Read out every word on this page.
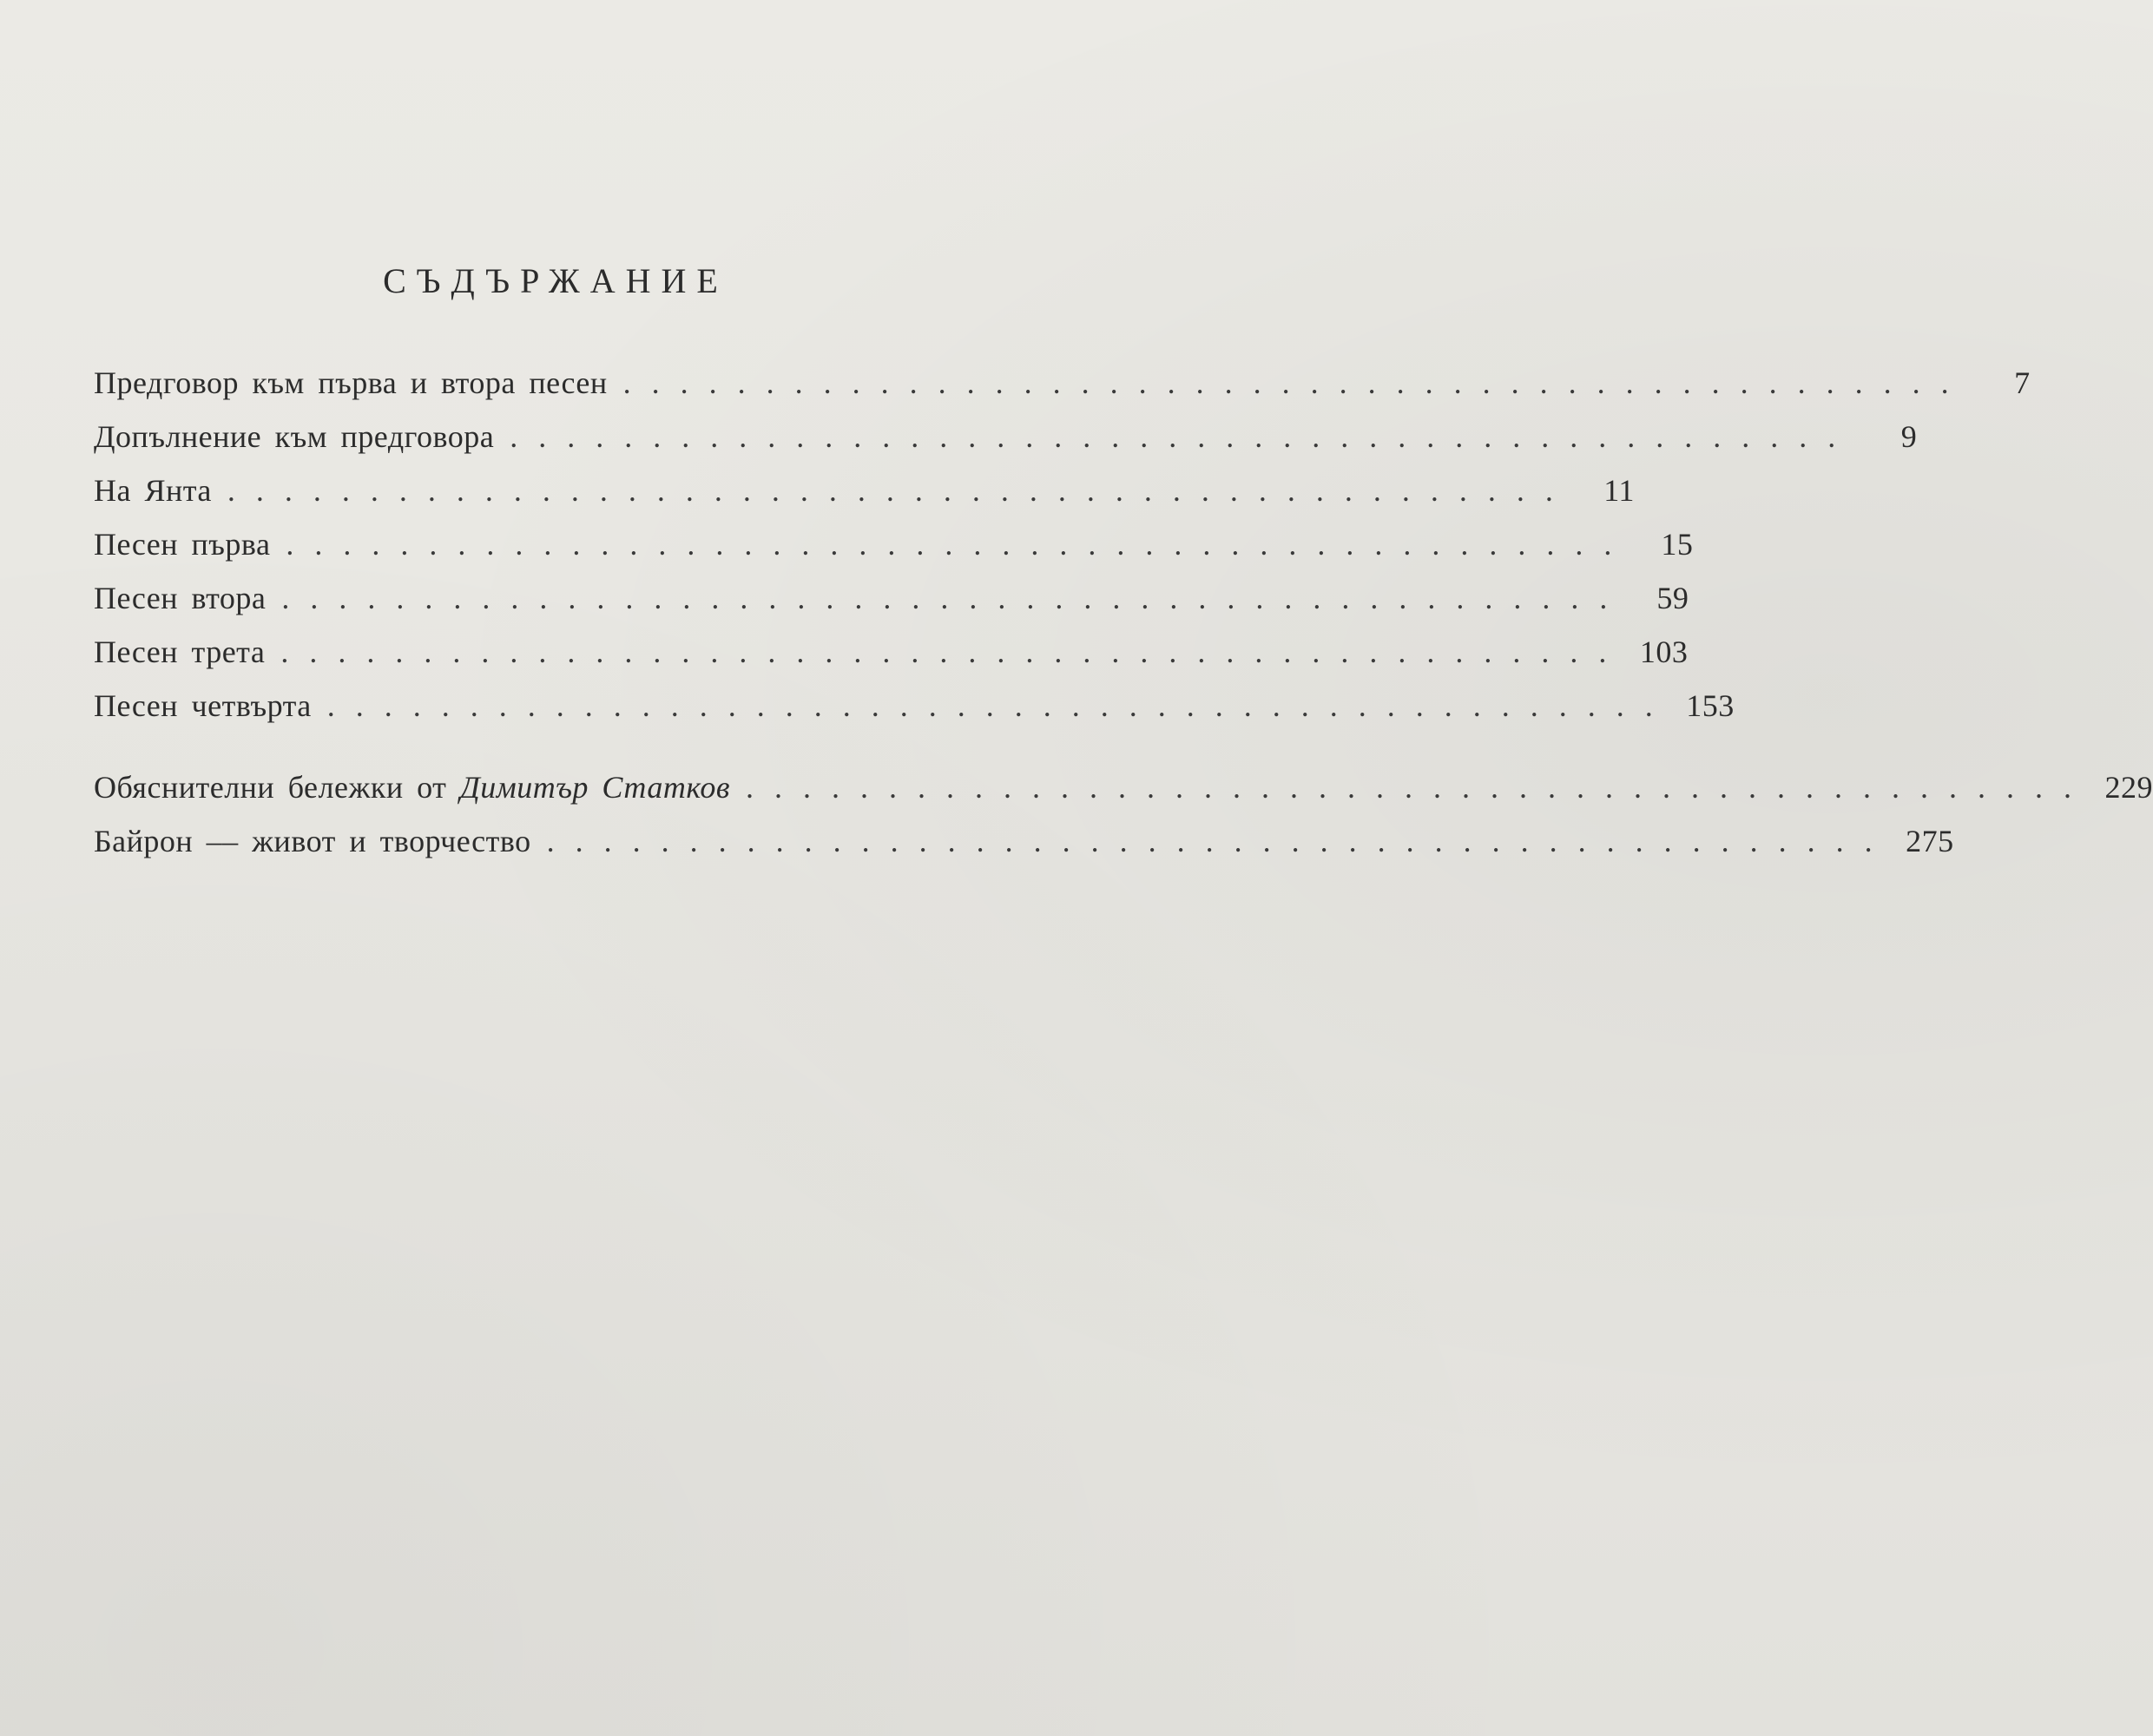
СЪДЪРЖАНИЕ
Предговор към първа и втора песен ...............................................	7
Допълнение към предговора ...............................................	9
На Янта ............................................... 11
Песен първа ............................................... 15
Песен втора ............................................... 59
Песен трета ............................................... 103
Песен четвърта ............................................... 153
Обяснителни бележки от Димитър Статков ............................................... 229
Байрон –– живот и творчество ............................................... 275
